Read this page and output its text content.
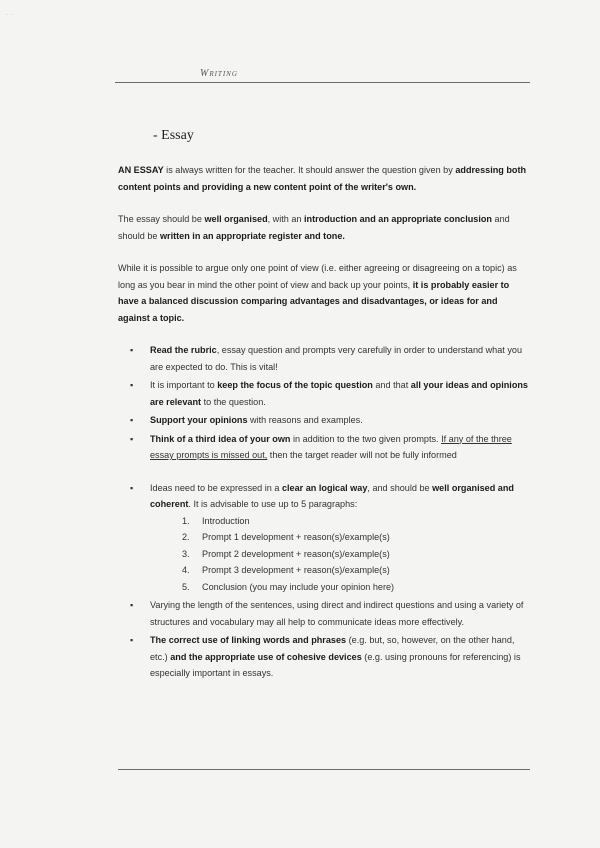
· ·
Writing
- Essay

AN ESSAY is always written for the teacher. It should answer the question given by addressing both content points and providing a new content point of the writer's own.

The essay should be well organised, with an introduction and an appropriate conclusion and should be written in an appropriate register and tone.

While it is possible to argue only one point of view (i.e. either agreeing or disagreeing on a topic) as long as you bear in mind the other point of view and back up your points, it is probably easier to have a balanced discussion comparing advantages and disadvantages, or ideas for and against a topic.

▪ Read the rubric, essay question and prompts very carefully in order to understand what you are expected to do. This is vital!
▪ It is important to keep the focus of the topic question and that all your ideas and opinions are relevant to the question.
▪ Support your opinions with reasons and examples.
▪ Think of a third idea of your own in addition to the two given prompts. If any of the three essay prompts is missed out, then the target reader will not be fully informed
▪ Ideas need to be expressed in a clear an logical way, and should be well organised and coherent. It is advisable to use up to 5 paragraphs:
1. Introduction
2. Prompt 1 development + reason(s)/example(s)
3. Prompt 2 development + reason(s)/example(s)
4. Prompt 3 development + reason(s)/example(s)
5. Conclusion (you may include your opinion here)
▪ Varying the length of the sentences, using direct and indirect questions and using a variety of structures and vocabulary may all help to communicate ideas more effectively.
▪ The correct use of linking words and phrases (e.g. but, so, however, on the other hand, etc.) and the appropriate use of cohesive devices (e.g. using pronouns for referencing) is especially important in essays.
